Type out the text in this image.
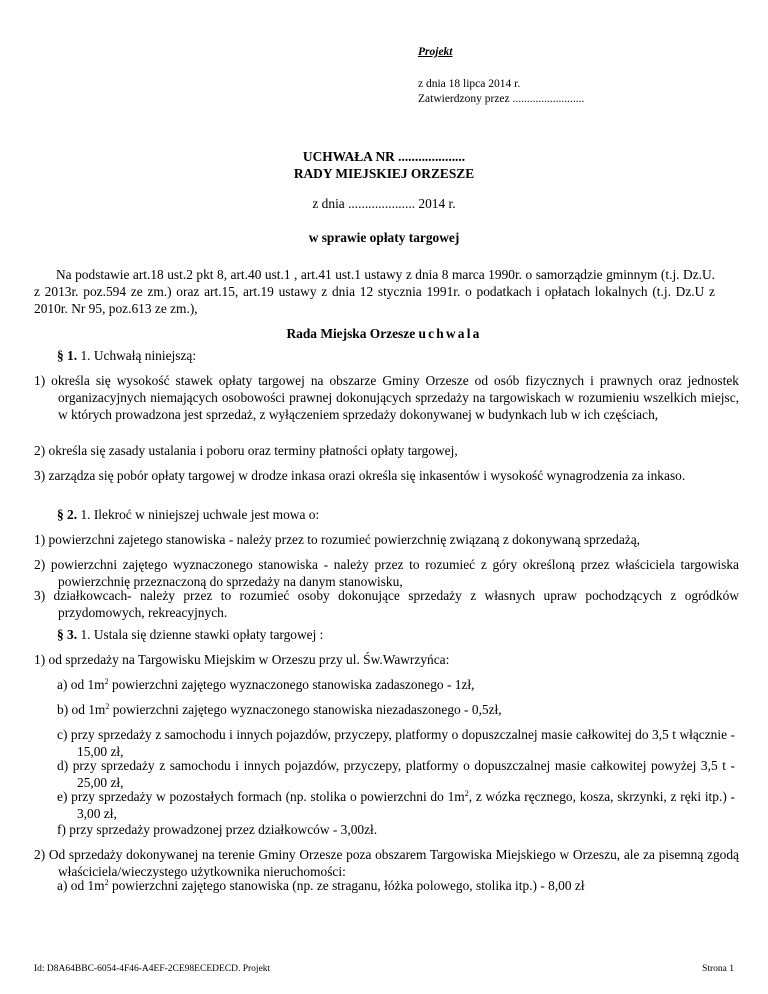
Projekt
z dnia 18 lipca 2014 r.
Zatwierdzony przez .........................
UCHWAŁA NR ....................
RADY MIEJSKIEJ ORZESZE
z dnia .................... 2014 r.
w sprawie opłaty targowej
Na podstawie art.18 ust.2 pkt 8, art.40 ust.1 , art.41 ust.1 ustawy z dnia 8 marca 1990r. o samorządzie gminnym (t.j. Dz.U. z 2013r. poz.594 ze zm.) oraz art.15, art.19 ustawy z dnia 12 stycznia 1991r. o podatkach i opłatach lokalnych (t.j. Dz.U z 2010r. Nr 95, poz.613 ze zm.),
Rada Miejska Orzesze uchwala
§ 1. 1. Uchwałą niniejszą:
1) określa się wysokość stawek opłaty targowej na obszarze Gminy Orzesze od osób fizycznych i prawnych oraz jednostek organizacyjnych niemających osobowości prawnej dokonujących sprzedaży na targowiskach w rozumieniu wszelkich miejsc, w których prowadzona jest sprzedaż, z wyłączeniem sprzedaży dokonywanej w budynkach lub w ich częściach,
2) określa się zasady ustalania i poboru oraz terminy płatności opłaty targowej,
3) zarządza się pobór opłaty targowej w drodze inkasa orazi określa się inkasentów i wysokość wynagrodzenia za inkaso.
§ 2. 1. Ilekroć w niniejszej uchwale jest mowa o:
1) powierzchni zajetego stanowiska - należy przez to rozumieć powierzchnię związaną z dokonywaną sprzedażą,
2) powierzchni zajętego wyznaczonego stanowiska - należy przez to rozumieć z góry określoną przez właściciela targowiska powierzchnię przeznaczoną do sprzedaży na danym stanowisku,
3) działkowcach- należy przez to rozumieć osoby dokonujące sprzedaży z własnych upraw pochodzących z ogródków przydomowych, rekreacyjnych.
§ 3. 1. Ustala się dzienne stawki opłaty targowej :
1) od sprzedaży na Targowisku Miejskim w Orzeszu przy ul. Św.Wawrzyńca:
a) od $1m^2$ powierzchni zajętego wyznaczonego stanowiska zadaszonego - 1zł,
b) od $1m^2$ powierzchni zajętego wyznaczonego stanowiska niezadaszonego - 0,5zł,
c) przy sprzedaży z samochodu i innych pojazdów, przyczepy, platformy o dopuszczalnej masie całkowitej do 3,5 t włącznie - 15,00 zł,
d) przy sprzedaży z samochodu i innych pojazdów, przyczepy, platformy o dopuszczalnej masie całkowitej powyżej 3,5 t - 25,00 zł,
e) przy sprzedaży w pozostałych formach (np. stolika o powierzchni do $1m^2$, z wózka ręcznego, kosza, skrzynki, z ręki itp.) - 3,00 zł,
f) przy sprzedaży prowadzonej przez działkowców - 3,00zł.
2) Od sprzedaży dokonywanej na terenie Gminy Orzesze poza obszarem Targowiska Miejskiego w Orzeszu, ale za pisemną zgodą właściciela/wieczystego użytkownika nieruchomości:
a) od $1m^2$ powierzchni zajętego stanowiska (np. ze straganu, łóżka polowego, stolika itp.) - 8,00 zł
Id: D8A64BBC-6054-4F46-A4EF-2CE98ECEDECD. Projekt	Strona 1
